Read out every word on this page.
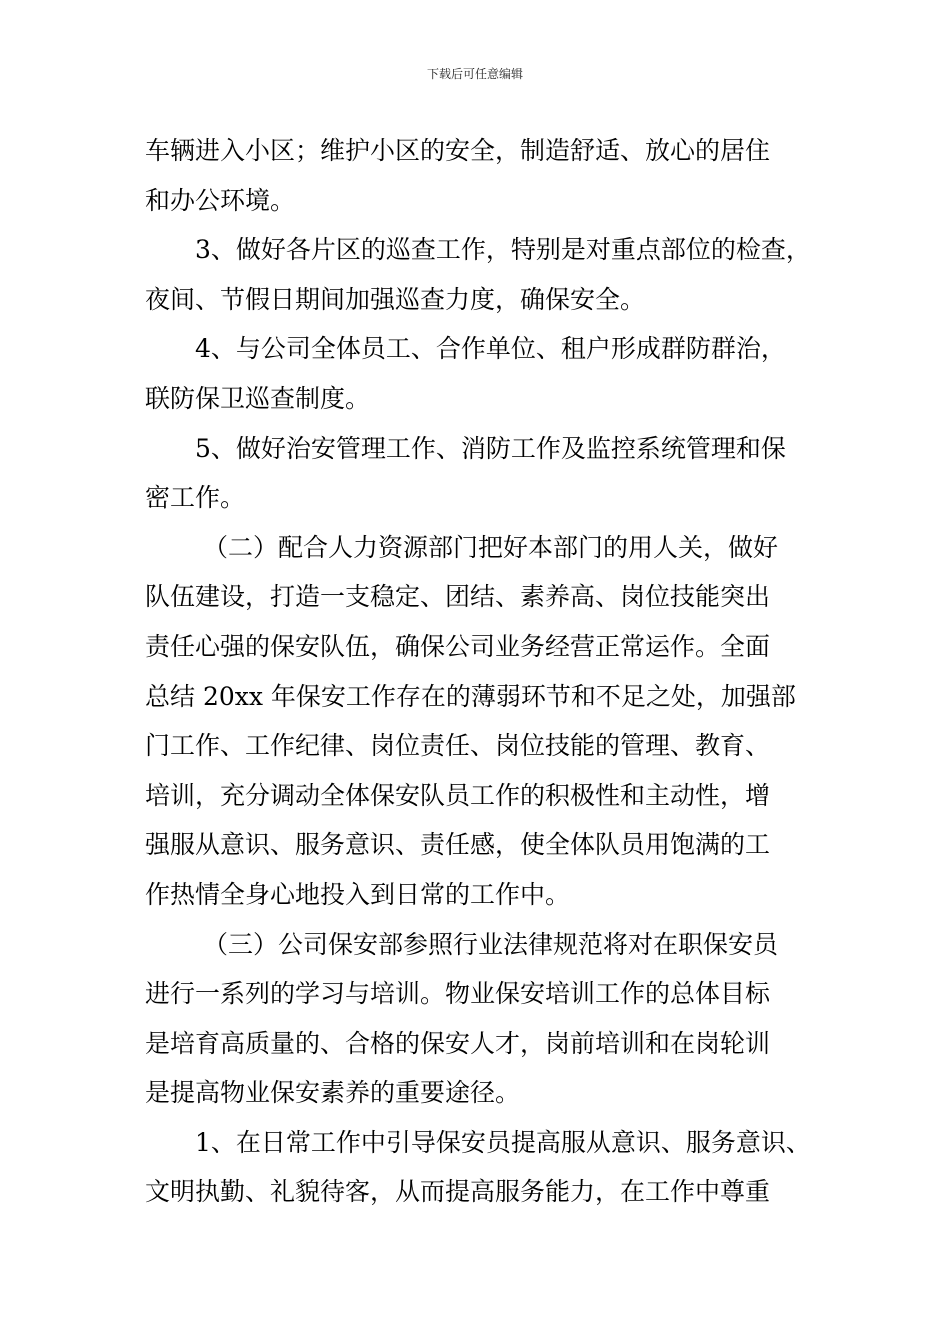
下载后可任意编辑
车辆进入小区；维护小区的安全，制造舒适、放心的居住
和办公环境。
3、做好各片区的巡查工作，特别是对重点部位的检查，
夜间、节假日期间加强巡查力度，确保安全。
4、与公司全体员工、合作单位、租户形成群防群治，
联防保卫巡查制度。
5、做好治安管理工作、消防工作及监控系统管理和保
密工作。
（二）配合人力资源部门把好本部门的用人关，做好
队伍建设，打造一支稳定、团结、素养高、岗位技能突出
责任心强的保安队伍，确保公司业务经营正常运作。全面
总结 20xx 年保安工作存在的薄弱环节和不足之处，加强部
门工作、工作纪律、岗位责任、岗位技能的管理、教育、
培训，充分调动全体保安队员工作的积极性和主动性，增
强服从意识、服务意识、责任感，使全体队员用饱满的工
作热情全身心地投入到日常的工作中。
（三）公司保安部参照行业法律规范将对在职保安员
进行一系列的学习与培训。物业保安培训工作的总体目标
是培育高质量的、合格的保安人才，岗前培训和在岗轮训
是提高物业保安素养的重要途径。
1、在日常工作中引导保安员提高服从意识、服务意识、
文明执勤、礼貌待客，从而提高服务能力，在工作中尊重
